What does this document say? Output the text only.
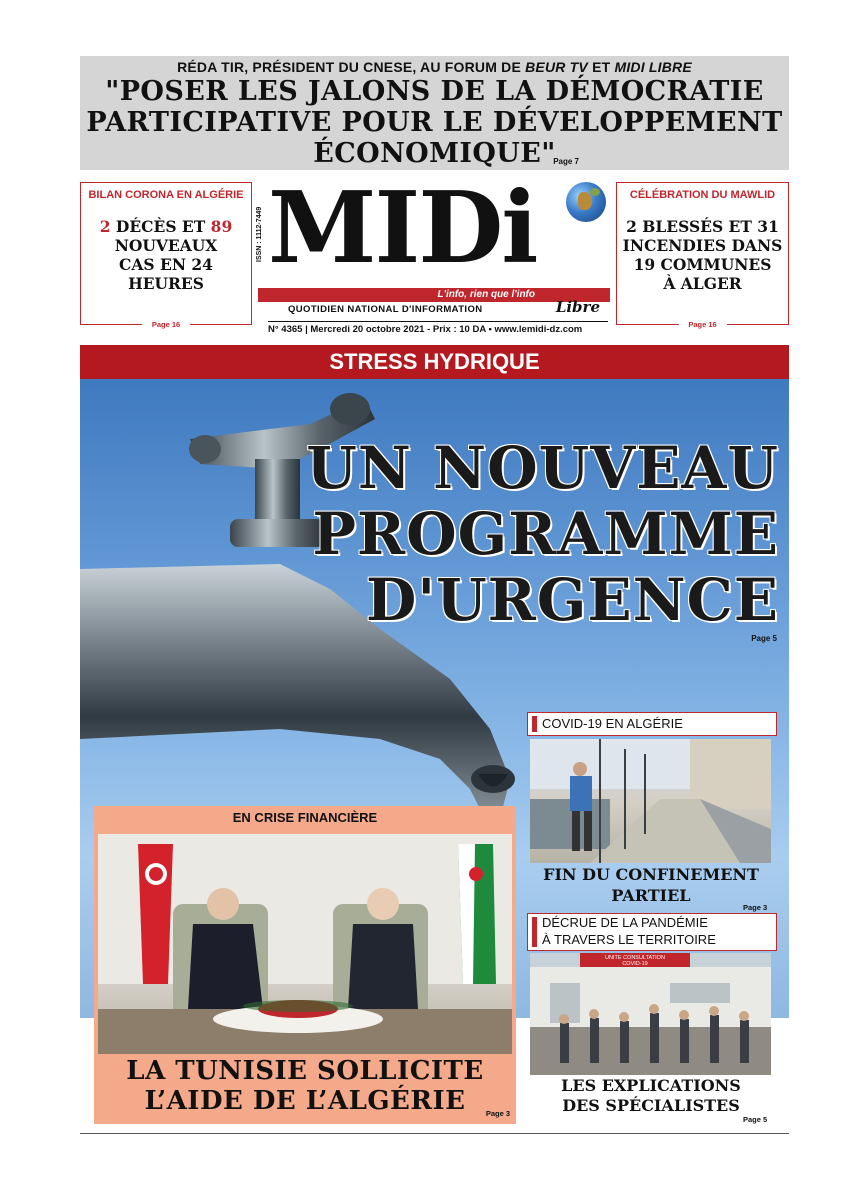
RÉDA TIR, PRÉSIDENT DU CNESE, AU FORUM DE BEUR TV ET MIDI LIBRE
"POSER LES JALONS DE LA DÉMOCRATIE
PARTICIPATIVE POUR LE DÉVELOPPEMENT
ÉCONOMIQUE"
Page 7
BILAN CORONA EN ALGÉRIE
2 DÉCÈS ET 89
NOUVEAUX
CAS EN 24
HEURES
Page 16
MIDi
ISSN : 1112-7449
L'info, rien que l'info
QUOTIDIEN NATIONAL D'INFORMATION	Libre
N° 4365 | Mercredi 20 octobre 2021 - Prix : 10 DA • www.lemidi-dz.com
CÉLÉBRATION DU MAWLID
2 BLESSÉS ET 31
INCENDIES DANS
19 COMMUNES
À ALGER
Page 16
STRESS HYDRIQUE
UN NOUVEAU
PROGRAMME
D'URGENCE
Page 5
EN CRISE FINANCIÈRE
LA TUNISIE SOLLICITE
L’AIDE DE L’ALGÉRIE	Page 3
COVID-19 EN ALGÉRIE
FIN DU CONFINEMENT
PARTIEL
Page 3
DÉCRUE DE LA PANDÉMIE
À TRAVERS LE TERRITOIRE
UNITE CONSULTATION
COVID-19
LES EXPLICATIONS
DES SPÉCIALISTES
Page 5
